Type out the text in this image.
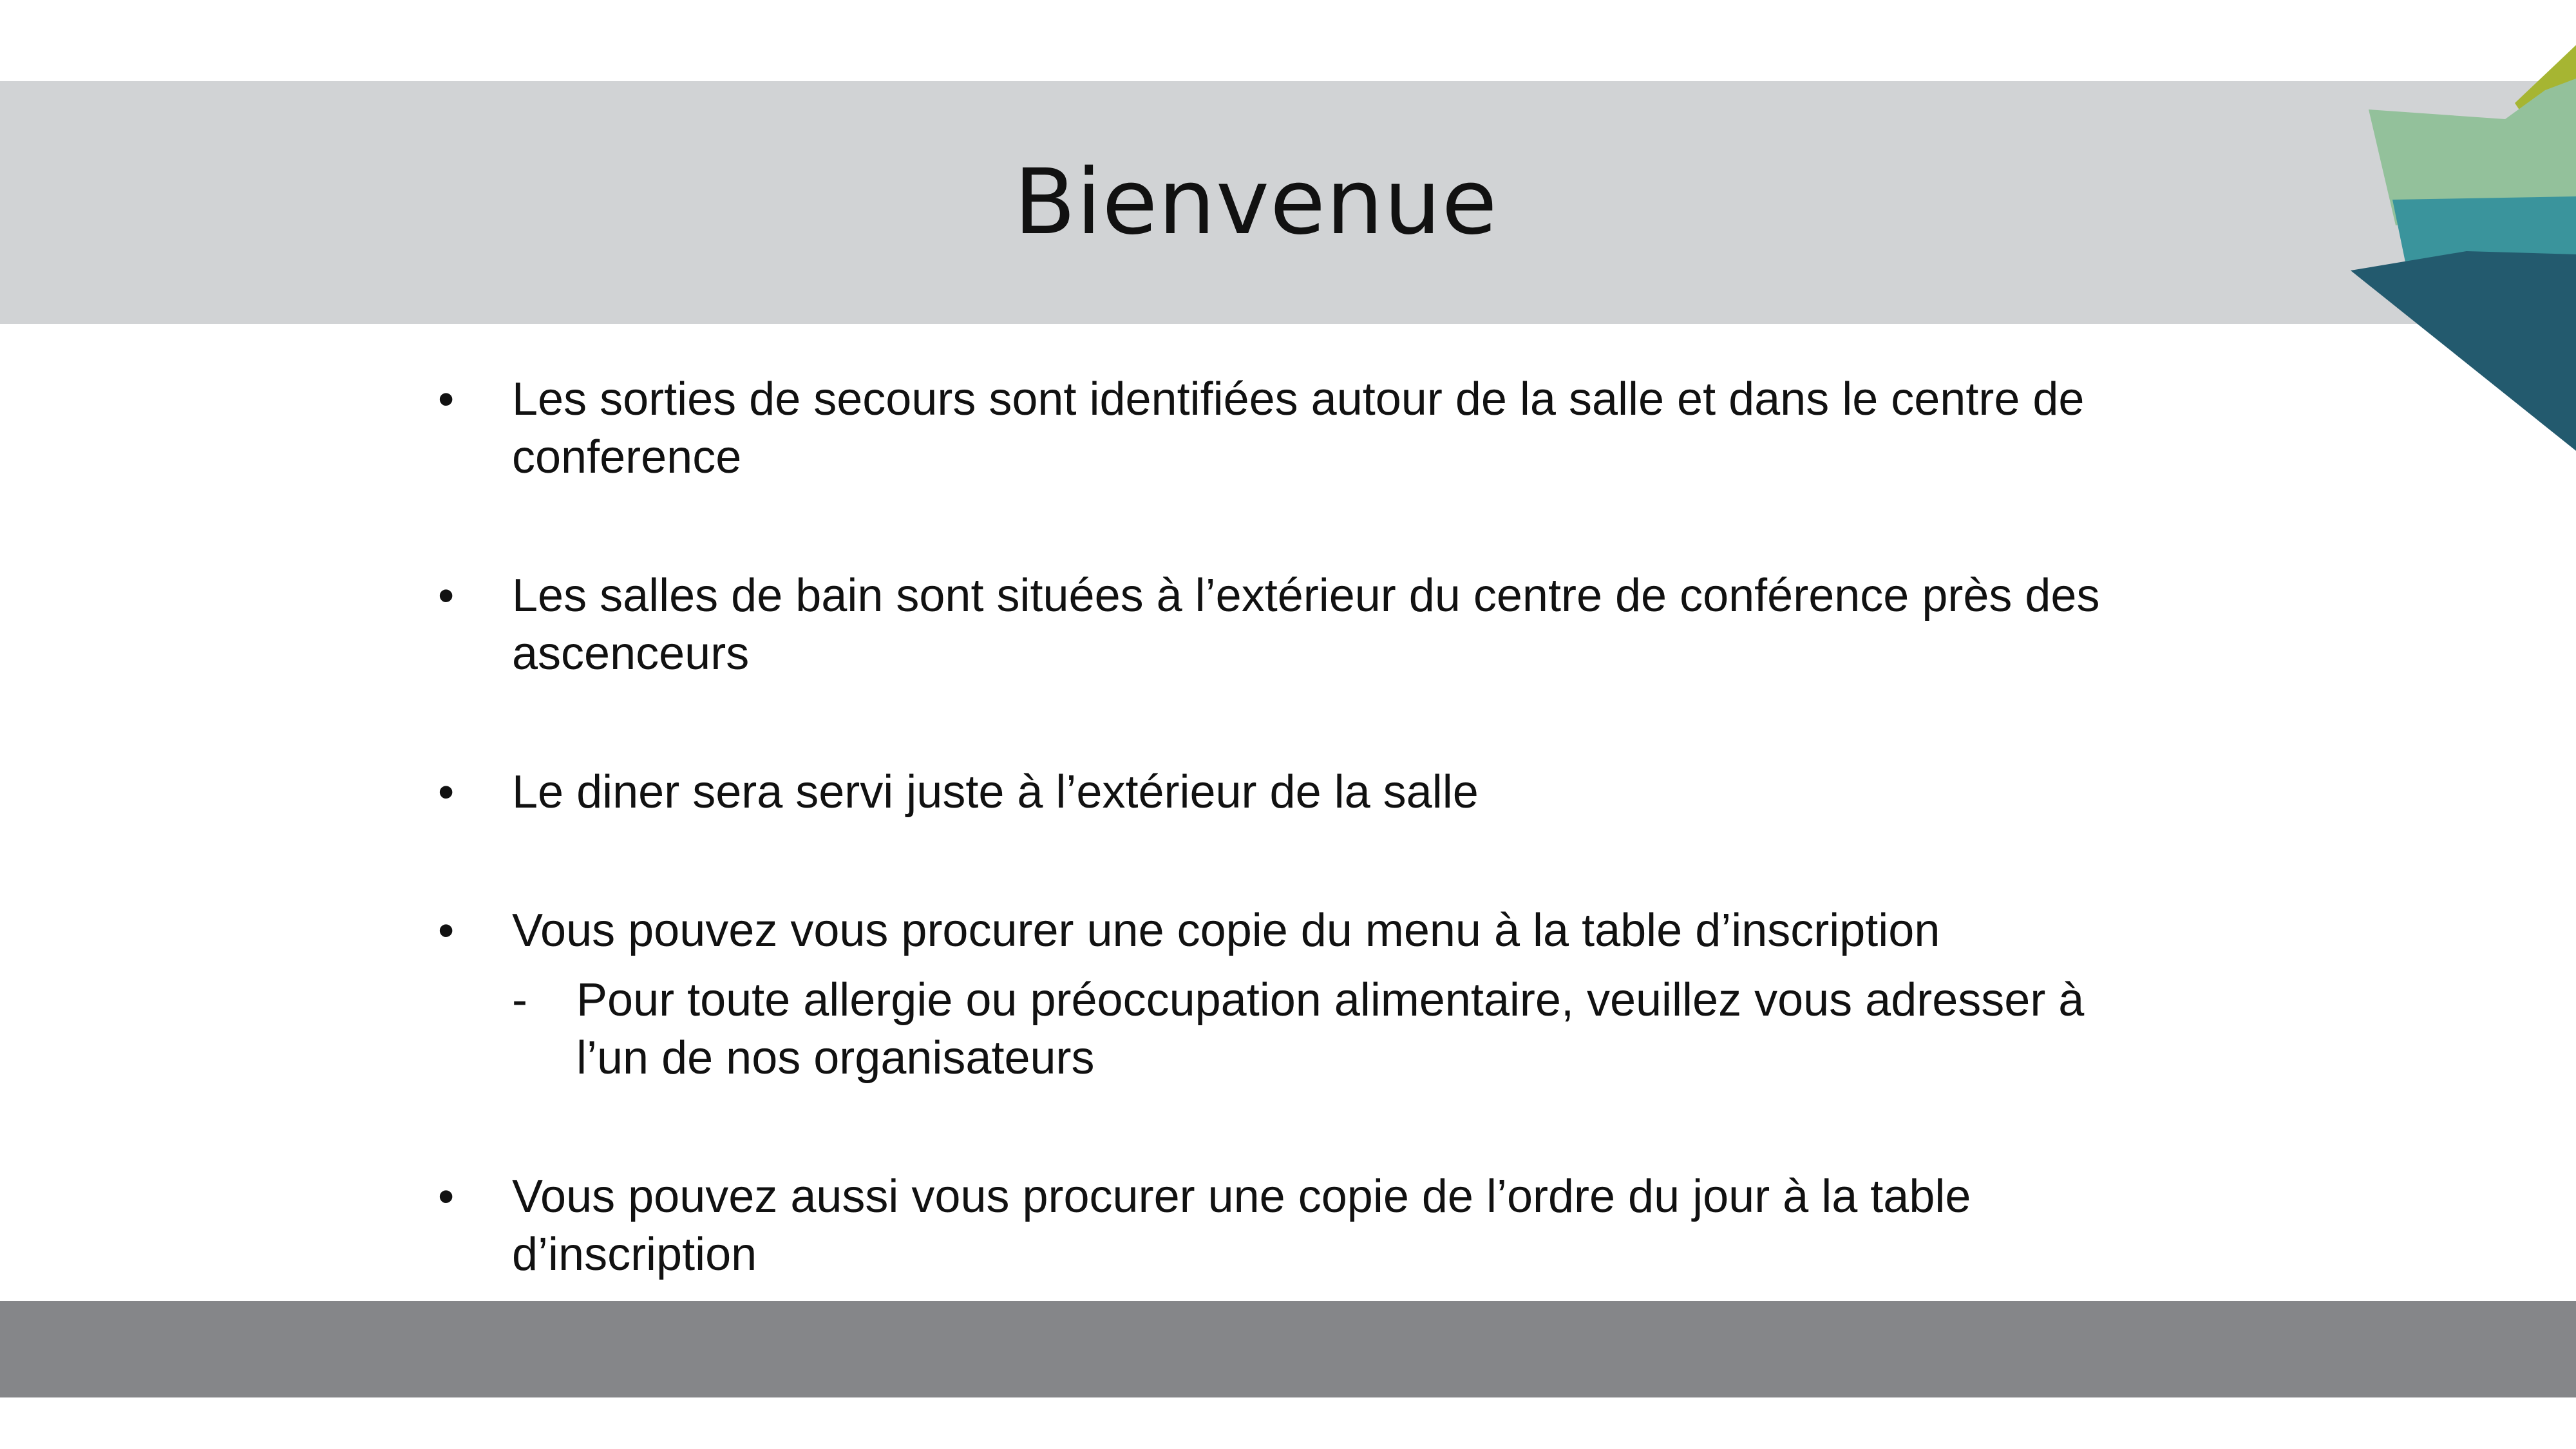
Bienvenue
• Les sorties de secours sont identifiées autour de la salle et dans le centre de conference
• Les salles de bain sont situées à l’extérieur du centre de conférence près des ascenceurs
• Le diner sera servi juste à l’extérieur de la salle
• Vous pouvez vous procurer une copie du menu à la table d’inscription
- Pour toute allergie ou préoccupation alimentaire, veuillez vous adresser à l’un de nos organisateurs
• Vous pouvez aussi vous procurer une copie de l’ordre du jour à la table d’inscription
